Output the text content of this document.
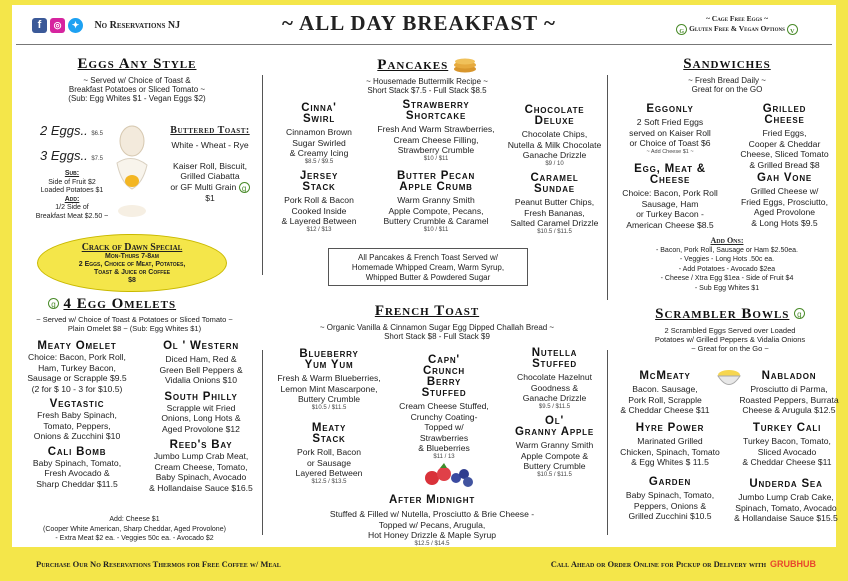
f ◎ ✦ No Reservations NJ	~ ALL DAY BREAKFAST ~	~ Cage Free Eggs ~
g Gluten Free & Vegan Options v
Eggs Any Style
~ Served w/ Choice of Toast &
Breakfast Potatoes or Sliced Tomato ~
(Sub: Egg Whites $1 - Vegan Eggs $2)
2 Eggs.. $6.5
3 Eggs.. $7.5
Sub:
Side of Fruit $2
Loaded Potatoes $1
Add:
1/2 Side of
Breakfast Meat $2.50 ~
Buttered Toast:
White - Wheat - Rye
Kaiser Roll, Biscuit,
Grilled Ciabatta
or GF Multi Grain g
$1
Crack of Dawn Special
Mon-Thurs 7-8am
2 Eggs, Choice of Meat, Potatoes,
Toast & Juice or Coffee
$8
g 4 Egg Omelets
~ Served w/ Choice of Toast & Potatoes or Sliced Tomato ~
Plain Omelet $8 ~ (Sub: Egg Whites $1)
Meaty Omelet
Choice: Bacon, Pork Roll,
Ham, Turkey Bacon,
Sausage or Scrapple $9.5
(2 for $ 10 - 3 for $10.5)
Vegtastic
Fresh Baby Spinach,
Tomato, Peppers,
Onions & Zucchini $10
Cali Bomb
Baby Spinach, Tomato,
Fresh Avocado &
Sharp Cheddar $11.5
Ol ' Western
Diced Ham, Red &
Green Bell Peppers &
Vidalia Onions $10
South Philly
Scrapple wit Fried
Onions, Long Hots &
Aged Provolone $12
Reed's Bay
Jumbo Lump Crab Meat,
Cream Cheese, Tomato,
Baby Spinach, Avocado
& Hollandaise Sauce $16.5
Add: Cheese $1
(Cooper White American, Sharp Cheddar, Aged Provolone)
- Extra Meat $2 ea. - Veggies 50c ea. - Avocado $2
Pancakes
~ Housemade Buttermilk Recipe ~
Short Stack $7.5 - Full Stack $8.5
Cinna'
Swirl
Cinnamon Brown
Sugar Swirled
& Creamy Icing
$8.5 / $9.5
Strawberry
Shortcake
Fresh And Warm Strawberries,
Cream Cheese Filling,
Strawberry Crumble
$10 / $11
Chocolate
Deluxe
Chocolate Chips,
Nutella & Milk Chocolate
Ganache Drizzle
$9 / 10
Jersey
Stack
Pork Roll & Bacon
Cooked Inside
& Layered Between
$12 / $13
Butter Pecan
Apple Crumb
Warm Granny Smith
Apple Compote, Pecans,
Buttery Crumble & Caramel
$10 / $11
Caramel
Sundae
Peanut Butter Chips,
Fresh Bananas,
Salted Caramel Drizzle
$10.5 / $11.5
All Pancakes & French Toast Served w/
Homemade Whipped Cream, Warm Syrup,
Whipped Butter & Powdered Sugar
French Toast
~ Organic Vanilla & Cinnamon Sugar Egg Dipped Challah Bread ~
Short Stack $8 - Full Stack $9
Blueberry
Yum Yum
Fresh & Warm Blueberries,
Lemon Mint Mascarpone,
Buttery Crumble
$10.5 / $11.5
Capn'
Crunch
Berry
Stuffed
Cream Cheese Stuffed,
Crunchy Coating-
Topped w/
Strawberries
& Blueberries
$11 / 13
Nutella
Stuffed
Chocolate Hazelnut
Goodness &
Ganache Drizzle
$9.5 / $11.5
Meaty
Stack
Pork Roll, Bacon
or Sausage
Layered Between
$12.5 / $13.5
Ol'
Granny Apple
Warm Granny Smith
Apple Compote &
Buttery Crumble
$10.5 / $11.5
After Midnight
Stuffed & Filled w/ Nutella, Prosciutto & Brie Cheese -
Topped w/ Pecans, Arugula,
Hot Honey Drizzle & Maple Syrup
$12.5 / $14.5
Sandwiches
~ Fresh Bread Daily ~
Great for on the GO
Eggonly
2 Soft Fried Eggs
served on Kaiser Roll
or Choice of Toast $6
~ Add Cheese $1 ~
Grilled
Cheese
Fried Eggs,
Cooper & Cheddar
Cheese, Sliced Tomato
& Grilled Bread $8
Egg, Meat &
Cheese
Choice: Bacon, Pork Roll
Sausage, Ham
or Turkey Bacon -
American Cheese $8.5
Gah Vone
Grilled Cheese w/
Fried Eggs, Prosciutto,
Aged Provolone
& Long Hots $9.5
Add Ons:
- Bacon, Pork Roll, Sausage or Ham $2.50ea.
- Veggies - Long Hots .50c ea.
- Add Potatoes - Avocado $2ea
- Cheese / Xtra Egg $1ea - Side of Fruit $4
- Sub Egg Whites $1
Scrambler Bowls g
2 Scrambled Eggs Served over Loaded
Potatoes w/ Grilled Peppers & Vidalia Onions
~ Great for on the Go ~
McMeaty
Bacon. Sausage,
Pork Roll, Scrapple
& Cheddar Cheese $11
Nabladon
Prosciutto di Parma,
Roasted Peppers, Burrata
Cheese & Arugula $12.5
Hyre Power
Marinated Grilled
Chicken, Spinach, Tomato
& Egg Whites $ 11.5
Turkey Cali
Turkey Bacon, Tomato,
Sliced Avocado
& Cheddar Cheese $11
Garden
Baby Spinach, Tomato,
Peppers, Onions &
Grilled Zucchini $10.5
Underda Sea
Jumbo Lump Crab Cake,
Spinach, Tomato, Avocado
& Hollandaise Sauce $15.5
Purchase Our No Reservations Thermos for Free Coffee w/ Meal	Call Ahead or Order Online for Pickup or Delivery with GRUBHUB
